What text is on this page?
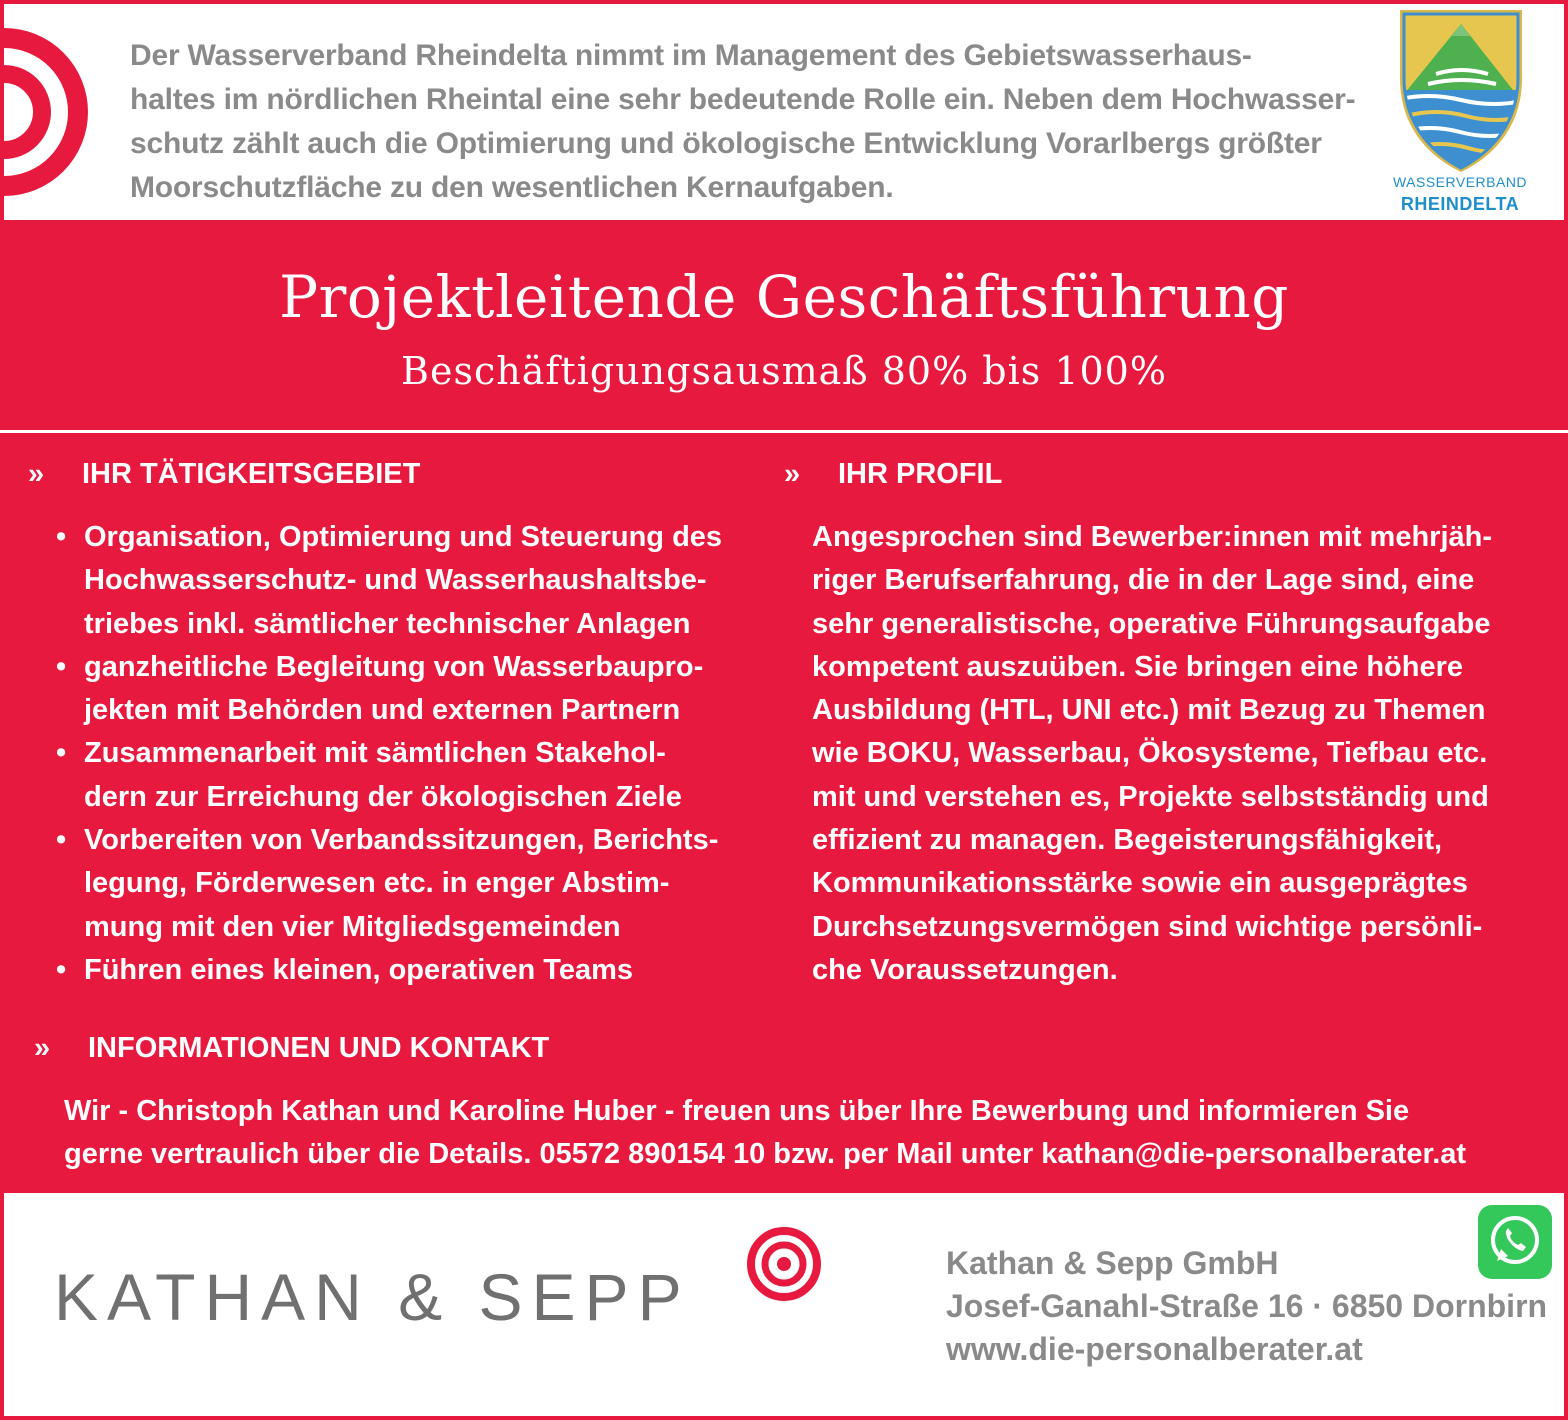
Der Wasserverband Rheindelta nimmt im Management des Gebietswasserhaus-
haltes im nördlichen Rheintal eine sehr bedeutende Rolle ein. Neben dem Hochwasser-
schutz zählt auch die Optimierung und ökologische Entwicklung Vorarlbergs größter
Moorschutzfläche zu den wesentlichen Kernaufgaben.	WASSERVERBAND
RHEINDELTA
Projektleitende Geschäftsführung
Beschäftigungsausmaß 80% bis 100%
» IHR TÄTIGKEITSGEBIET	» IHR PROFIL
• Organisation, Optimierung und Steuerung des
Hochwasserschutz- und Wasserhaushaltsbe-
triebes inkl. sämtlicher technischer Anlagen
• ganzheitliche Begleitung von Wasserbaupro-
jekten mit Behörden und externen Partnern
• Zusammenarbeit mit sämtlichen Stakehol-
dern zur Erreichung der ökologischen Ziele
• Vorbereiten von Verbandssitzungen, Berichts-
legung, Förderwesen etc. in enger Abstim-
mung mit den vier Mitgliedsgemeinden
• Führen eines kleinen, operativen Teams
Angesprochen sind Bewerber:innen mit mehrjäh-
riger Berufserfahrung, die in der Lage sind, eine
sehr generalistische, operative Führungsaufgabe
kompetent auszuüben. Sie bringen eine höhere
Ausbildung (HTL, UNI etc.) mit Bezug zu Themen
wie BOKU, Wasserbau, Ökosysteme, Tiefbau etc.
mit und verstehen es, Projekte selbstständig und
effizient zu managen. Begeisterungsfähigkeit,
Kommunikationsstärke sowie ein ausgeprägtes
Durchsetzungsvermögen sind wichtige persönli-
che Voraussetzungen.
» INFORMATIONEN UND KONTAKT
Wir - Christoph Kathan und Karoline Huber - freuen uns über Ihre Bewerbung und informieren Sie
gerne vertraulich über die Details. 05572 890154 10 bzw. per Mail unter kathan@die-personalberater.at
KATHAN & SEPP	Kathan & Sepp GmbH
Josef-Ganahl-Straße 16 · 6850 Dornbirn
www.die-personalberater.at
